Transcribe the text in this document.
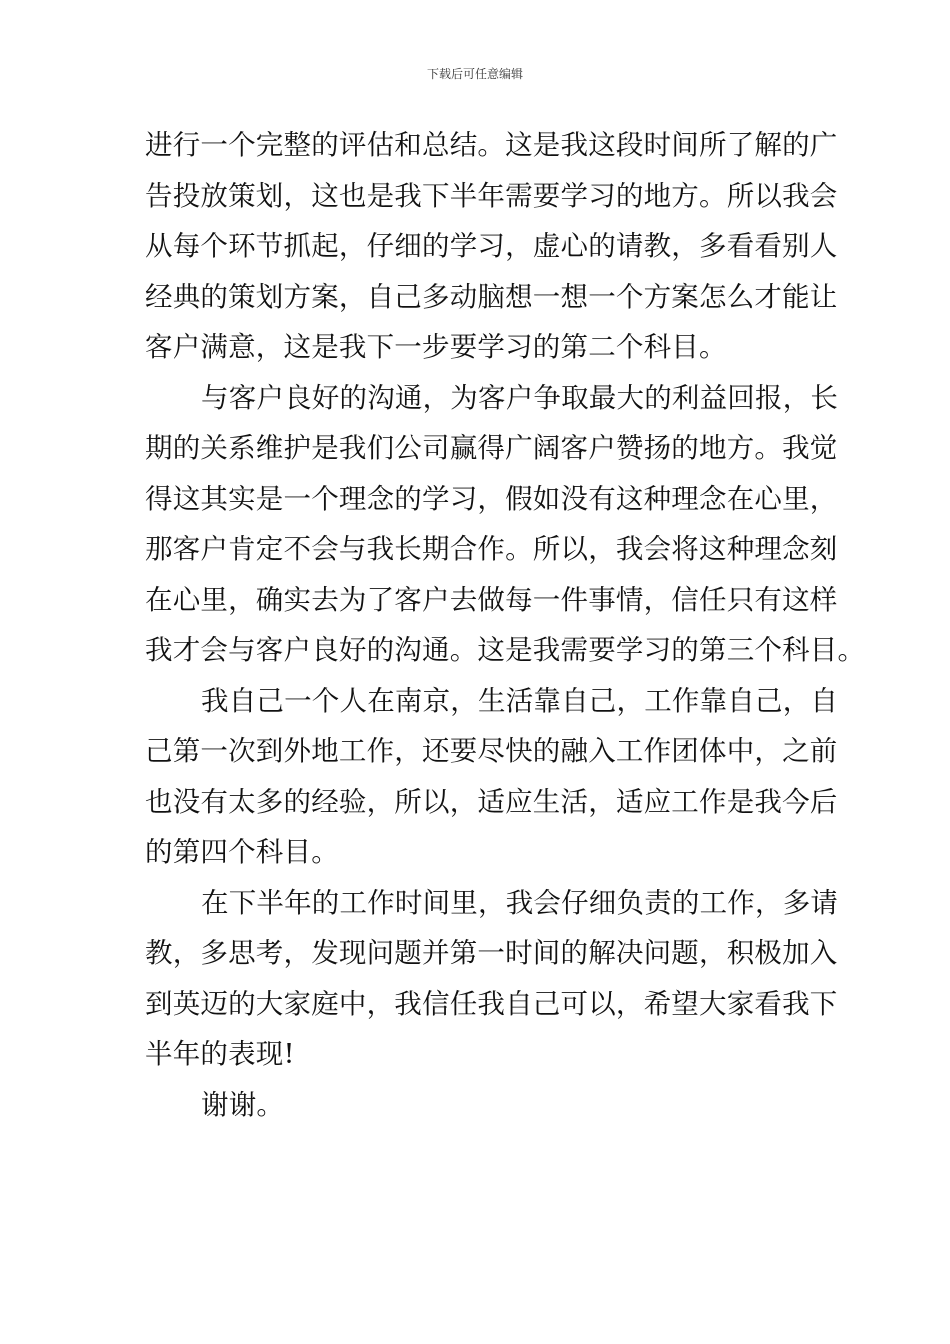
下载后可任意编辑
进行一个完整的评估和总结。这是我这段时间所了解的广
告投放策划，这也是我下半年需要学习的地方。所以我会
从每个环节抓起，仔细的学习，虚心的请教，多看看别人
经典的策划方案，自己多动脑想一想一个方案怎么才能让
客户满意，这是我下一步要学习的第二个科目。
与客户良好的沟通，为客户争取最大的利益回报，长
期的关系维护是我们公司赢得广阔客户赞扬的地方。我觉
得这其实是一个理念的学习，假如没有这种理念在心里，
那客户肯定不会与我长期合作。所以，我会将这种理念刻
在心里，确实去为了客户去做每一件事情，信任只有这样
我才会与客户良好的沟通。这是我需要学习的第三个科目。
我自己一个人在南京，生活靠自己，工作靠自己，自
己第一次到外地工作，还要尽快的融入工作团体中，之前
也没有太多的经验，所以，适应生活，适应工作是我今后
的第四个科目。
在下半年的工作时间里，我会仔细负责的工作，多请
教，多思考，发现问题并第一时间的解决问题，积极加入
到英迈的大家庭中，我信任我自己可以，希望大家看我下
半年的表现!
谢谢。
